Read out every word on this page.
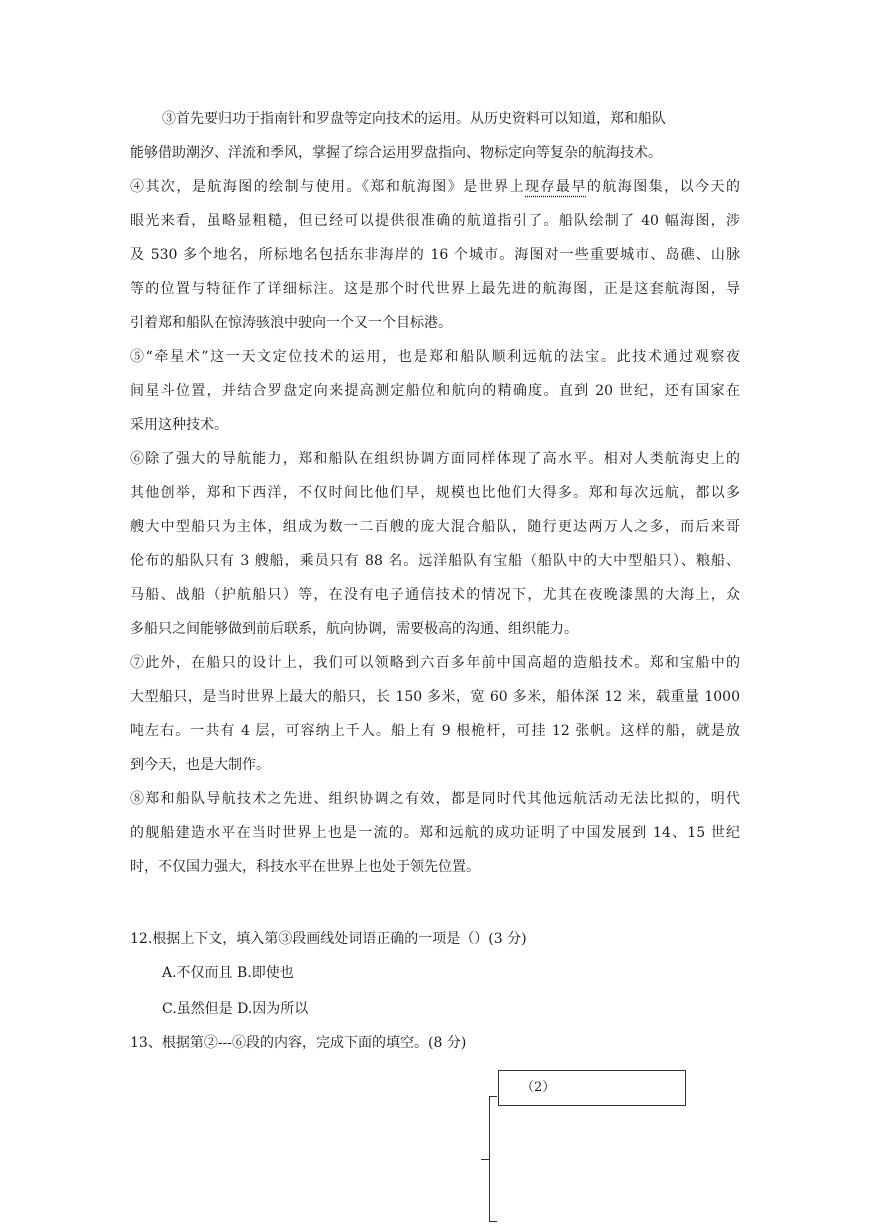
③首先要归功于指南针和罗盘等定向技术的运用。从历史资料可以知道，郑和船队
能够借助潮汐、洋流和季风，掌握了综合运用罗盘指向、物标定向等复杂的航海技术。
④其次，是航海图的绘制与使用。《郑和航海图》是世界上现存最早的航海图集，以今天的
眼光来看，虽略显粗糙，但已经可以提供很准确的航道指引了。船队绘制了 40 幅海图，涉
及 530 多个地名，所标地名包括东非海岸的 16 个城市。海图对一些重要城市、岛礁、山脉
等的位置与特征作了详细标注。这是那个时代世界上最先进的航海图，正是这套航海图，导
引着郑和船队在惊涛骇浪中驶向一个又一个目标港。
⑤“牵星术”这一天文定位技术的运用，也是郑和船队顺利远航的法宝。此技术通过观察夜
间星斗位置，并结合罗盘定向来提高测定船位和航向的精确度。直到 20 世纪，还有国家在
采用这种技术。
⑥除了强大的导航能力，郑和船队在组织协调方面同样体现了高水平。相对人类航海史上的
其他创举，郑和下西洋，不仅时间比他们早，规模也比他们大得多。郑和每次远航，都以多
艘大中型船只为主体，组成为数一二百艘的庞大混合船队，随行更达两万人之多，而后来哥
伦布的船队只有 3 艘船，乘员只有 88 名。远洋船队有宝船（船队中的大中型船只）、粮船、
马船、战船（护航船只）等，在没有电子通信技术的情况下，尤其在夜晚漆黑的大海上，众
多船只之间能够做到前后联系，航向协调，需要极高的沟通、组织能力。
⑦此外，在船只的设计上，我们可以领略到六百多年前中国高超的造船技术。郑和宝船中的
大型船只，是当时世界上最大的船只，长 150 多米，宽 60 多米，船体深 12 米，载重量 1000
吨左右。一共有 4 层，可容纳上千人。船上有 9 根桅杆，可挂 12 张帆。这样的船，就是放
到今天，也是大制作。
⑧郑和船队导航技术之先进、组织协调之有效，都是同时代其他远航活动无法比拟的，明代
的舰船建造水平在当时世界上也是一流的。郑和远航的成功证明了中国发展到 14、15 世纪
时，不仅国力强大，科技水平在世界上也处于领先位置。
12.根据上下文，填入第③段画线处词语正确的一项是（）(3 分)
A.不仅而且 B.即使也
C.虽然但是 D.因为所以
13、根据第②---⑥段的内容，完成下面的填空。(8 分)
（2）
